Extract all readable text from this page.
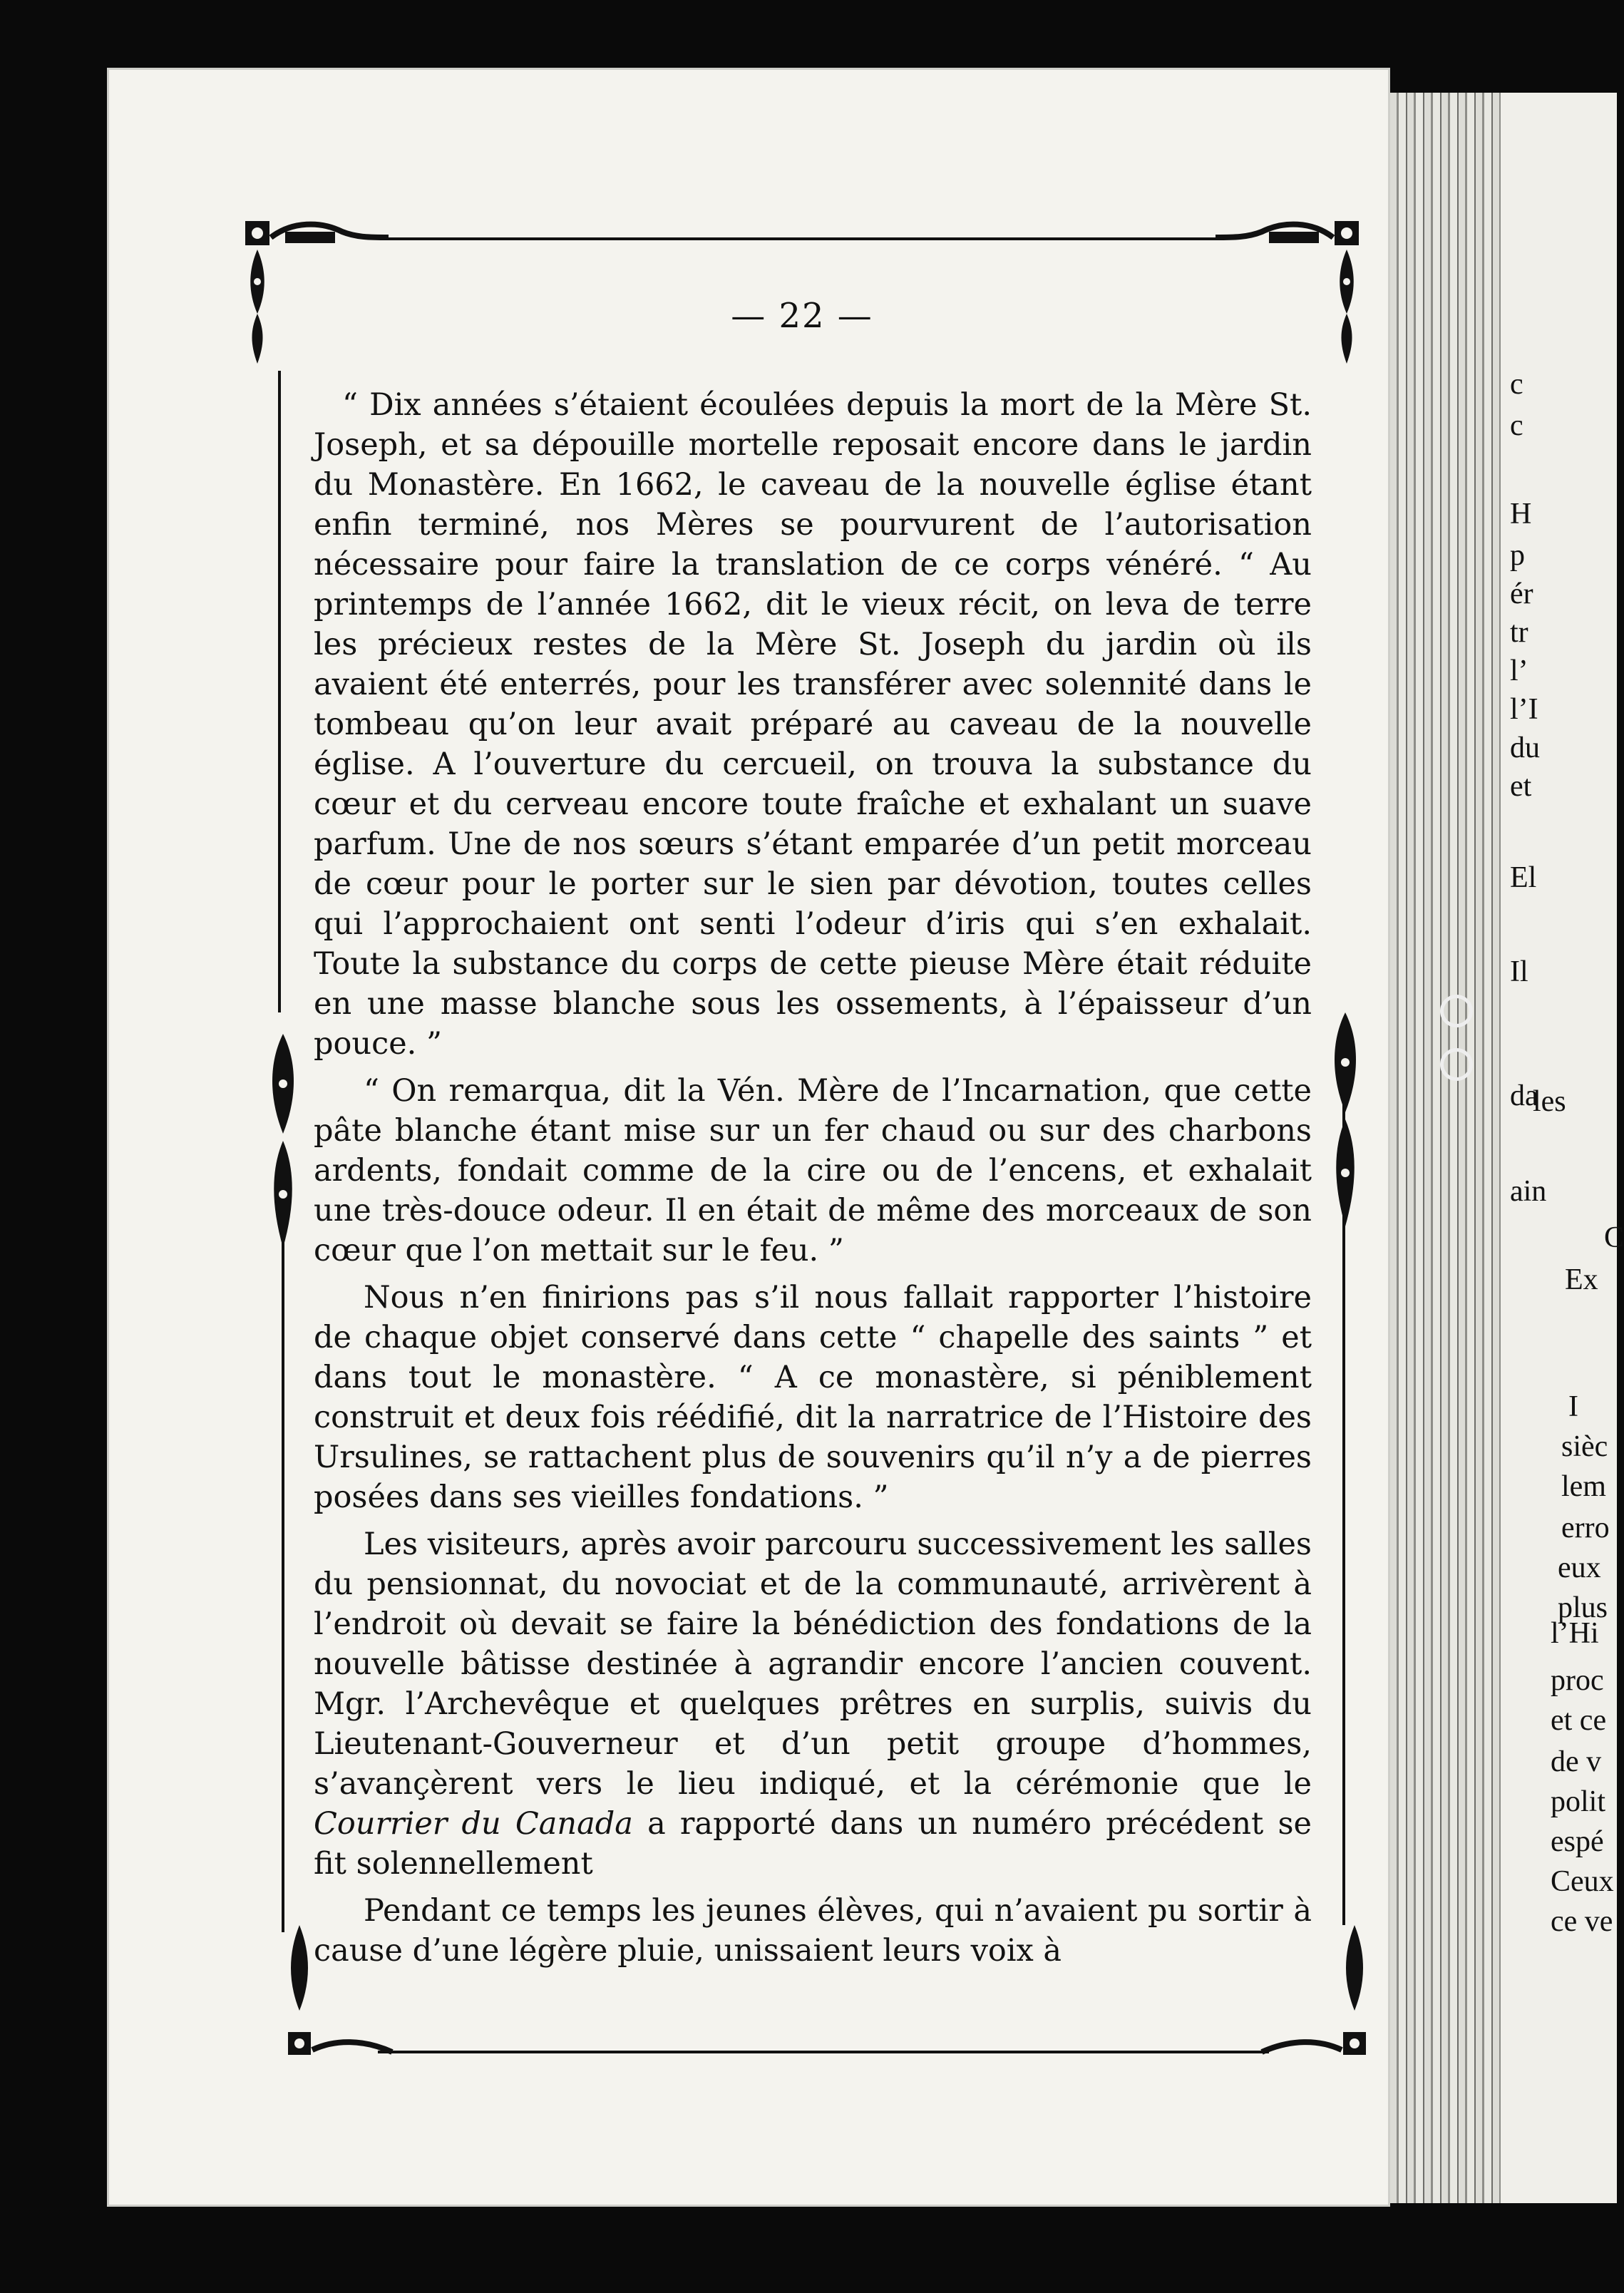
c
c
H
p
ér
tr
l’
l’I
du
et
El
Il
da
les
ain
C
Ex
I
sièc
lem
erro
eux
plus
l’Hi
proc
et ce
de v
polit
espé
Ceux
ce ve
— 22 —

“ Dix années s’étaient écoulées depuis la mort de la Mère St. Joseph, et sa dépouille mortelle reposait encore dans le jardin du Monastère. En 1662, le caveau de la nouvelle église étant enfin terminé, nos Mères se pourvurent de l’autorisation nécessaire pour faire la translation de ce corps vénéré. “ Au printemps de l’année 1662, dit le vieux récit, on leva de terre les précieux restes de la Mère St. Joseph du jardin où ils avaient été enterrés, pour les transférer avec solennité dans le tombeau qu’on leur avait préparé au caveau de la nouvelle église. A l’ouverture du cercueil, on trouva la substance du cœur et du cerveau encore toute fraîche et exhalant un suave parfum. Une de nos sœurs s’étant emparée d’un petit morceau de cœur pour le porter sur le sien par dévotion, toutes celles qui l’approchaient ont senti l’odeur d’iris qui s’en exhalait. Toute la substance du corps de cette pieuse Mère était réduite en une masse blanche sous les ossements, à l’épaisseur d’un pouce. ”

“ On remarqua, dit la Vén. Mère de l’Incarnation, que cette pâte blanche étant mise sur un fer chaud ou sur des charbons ardents, fondait comme de la cire ou de l’encens, et exhalait une très-douce odeur. Il en était de même des morceaux de son cœur que l’on mettait sur le feu. ”

Nous n’en finirions pas s’il nous fallait rapporter l’histoire de chaque objet conservé dans cette “ chapelle des saints ” et dans tout le monastère. “ A ce monastère, si péniblement construit et deux fois réédifié, dit la narratrice de l’Histoire des Ursulines, se rattachent plus de souvenirs qu’il n’y a de pierres posées dans ses vieilles fondations. ”

Les visiteurs, après avoir parcouru successivement les salles du pensionnat, du novociat et de la communauté, arrivèrent à l’endroit où devait se faire la bénédiction des fondations de la nouvelle bâtisse destinée à agrandir encore l’ancien couvent. Mgr. l’Archevêque et quelques prêtres en surplis, suivis du Lieutenant-Gouverneur et d’un petit groupe d’hommes, s’avançèrent vers le lieu indiqué, et la cérémonie que le Courrier du Canada a rapporté dans un numéro précédent se fit solennellement

Pendant ce temps les jeunes élèves, qui n’avaient pu sortir à cause d’une légère pluie, unissaient leurs voix à
